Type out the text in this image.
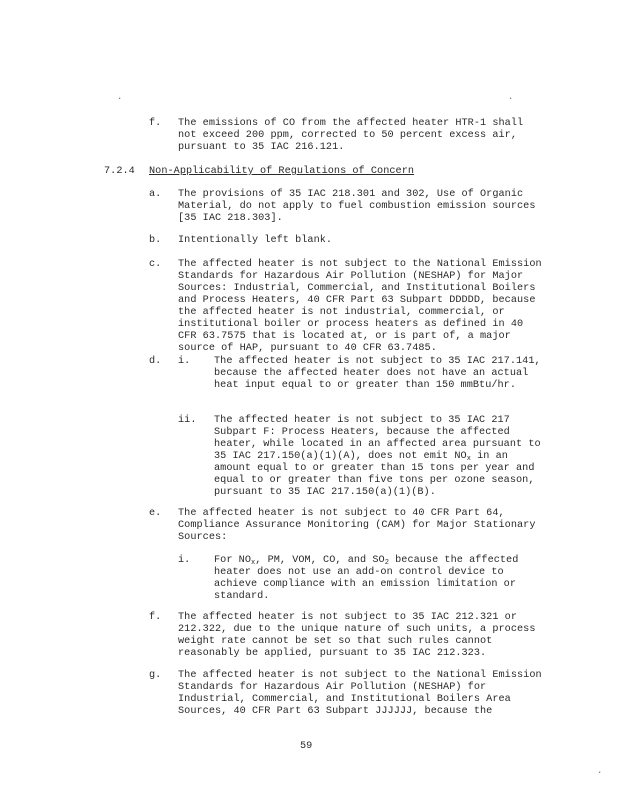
.	.
f. The emissions of CO from the affected heater HTR-1 shall
not exceed 200 ppm, corrected to 50 percent excess air,
pursuant to 35 IAC 216.121.
7.2.4 Non-Applicability of Regulations of Concern
a. The provisions of 35 IAC 218.301 and 302, Use of Organic
Material, do not apply to fuel combustion emission sources
[35 IAC 218.303].
b. Intentionally left blank.
c. The affected heater is not subject to the National Emission
Standards for Hazardous Air Pollution (NESHAP) for Major
Sources: Industrial, Commercial, and Institutional Boilers
and Process Heaters, 40 CFR Part 63 Subpart DDDDD, because
the affected heater is not industrial, commercial, or
institutional boiler or process heaters as defined in 40
CFR 63.7575 that is located at, or is part of, a major
source of HAP, pursuant to 40 CFR 63.7485.
d. i. The affected heater is not subject to 35 IAC 217.141,
because the affected heater does not have an actual
heat input equal to or greater than 150 mmBtu/hr.
ii. The affected heater is not subject to 35 IAC 217
Subpart F: Process Heaters, because the affected
heater, while located in an affected area pursuant to
35 IAC 217.150(a)(1)(A), does not emit $NO_x$ in an
amount equal to or greater than 15 tons per year and
equal to or greater than five tons per ozone season,
pursuant to 35 IAC 217.150(a)(1)(B).
e. The affected heater is not subject to 40 CFR Part 64,
Compliance Assurance Monitoring (CAM) for Major Stationary
Sources:
i. For $NO_x$, PM, VOM, CO, and $SO_2$ because the affected
heater does not use an add-on control device to
achieve compliance with an emission limitation or
standard.
f. The affected heater is not subject to 35 IAC 212.321 or
212.322, due to the unique nature of such units, a process
weight rate cannot be set so that such rules cannot
reasonably be applied, pursuant to 35 IAC 212.323.
g. The affected heater is not subject to the National Emission
Standards for Hazardous Air Pollution (NESHAP) for
Industrial, Commercial, and Institutional Boilers Area
Sources, 40 CFR Part 63 Subpart JJJJJJ, because the
59
.
